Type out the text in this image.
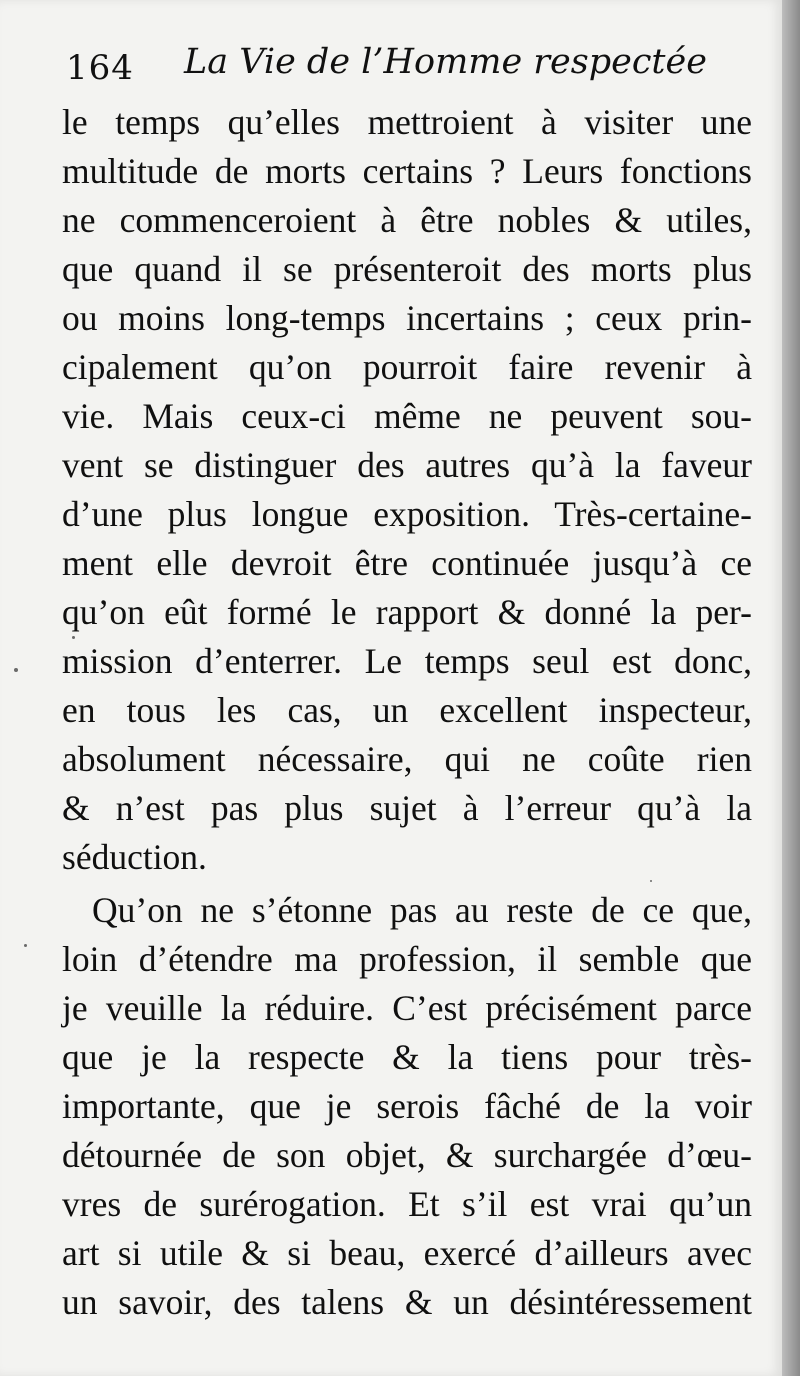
164 La Vie de l’Homme respectée
le temps qu’elles mettroient à visiter une
multitude de morts certains ? Leurs fonctions
ne commenceroient à être nobles & utiles,
que quand il se présenteroit des morts plus
ou moins long-temps incertains ; ceux prin-
cipalement qu’on pourroit faire revenir à
vie. Mais ceux-ci même ne peuvent sou-
vent se distinguer des autres qu’à la faveur
d’une plus longue exposition. Très-certaine-
ment elle devroit être continuée jusqu’à ce
qu’on eût formé le rapport & donné la per-
mission d’enterrer. Le temps seul est donc,
en tous les cas, un excellent inspecteur,
absolument nécessaire, qui ne coûte rien
& n’est pas plus sujet à l’erreur qu’à la
séduction.
Qu’on ne s’étonne pas au reste de ce que,
loin d’étendre ma profession, il semble que
je veuille la réduire. C’est précisément parce
que je la respecte & la tiens pour très-
importante, que je serois fâché de la voir
détournée de son objet, & surchargée d’œu-
vres de surérogation. Et s’il est vrai qu’un
art si utile & si beau, exercé d’ailleurs avec
un savoir, des talens & un désintéressement
